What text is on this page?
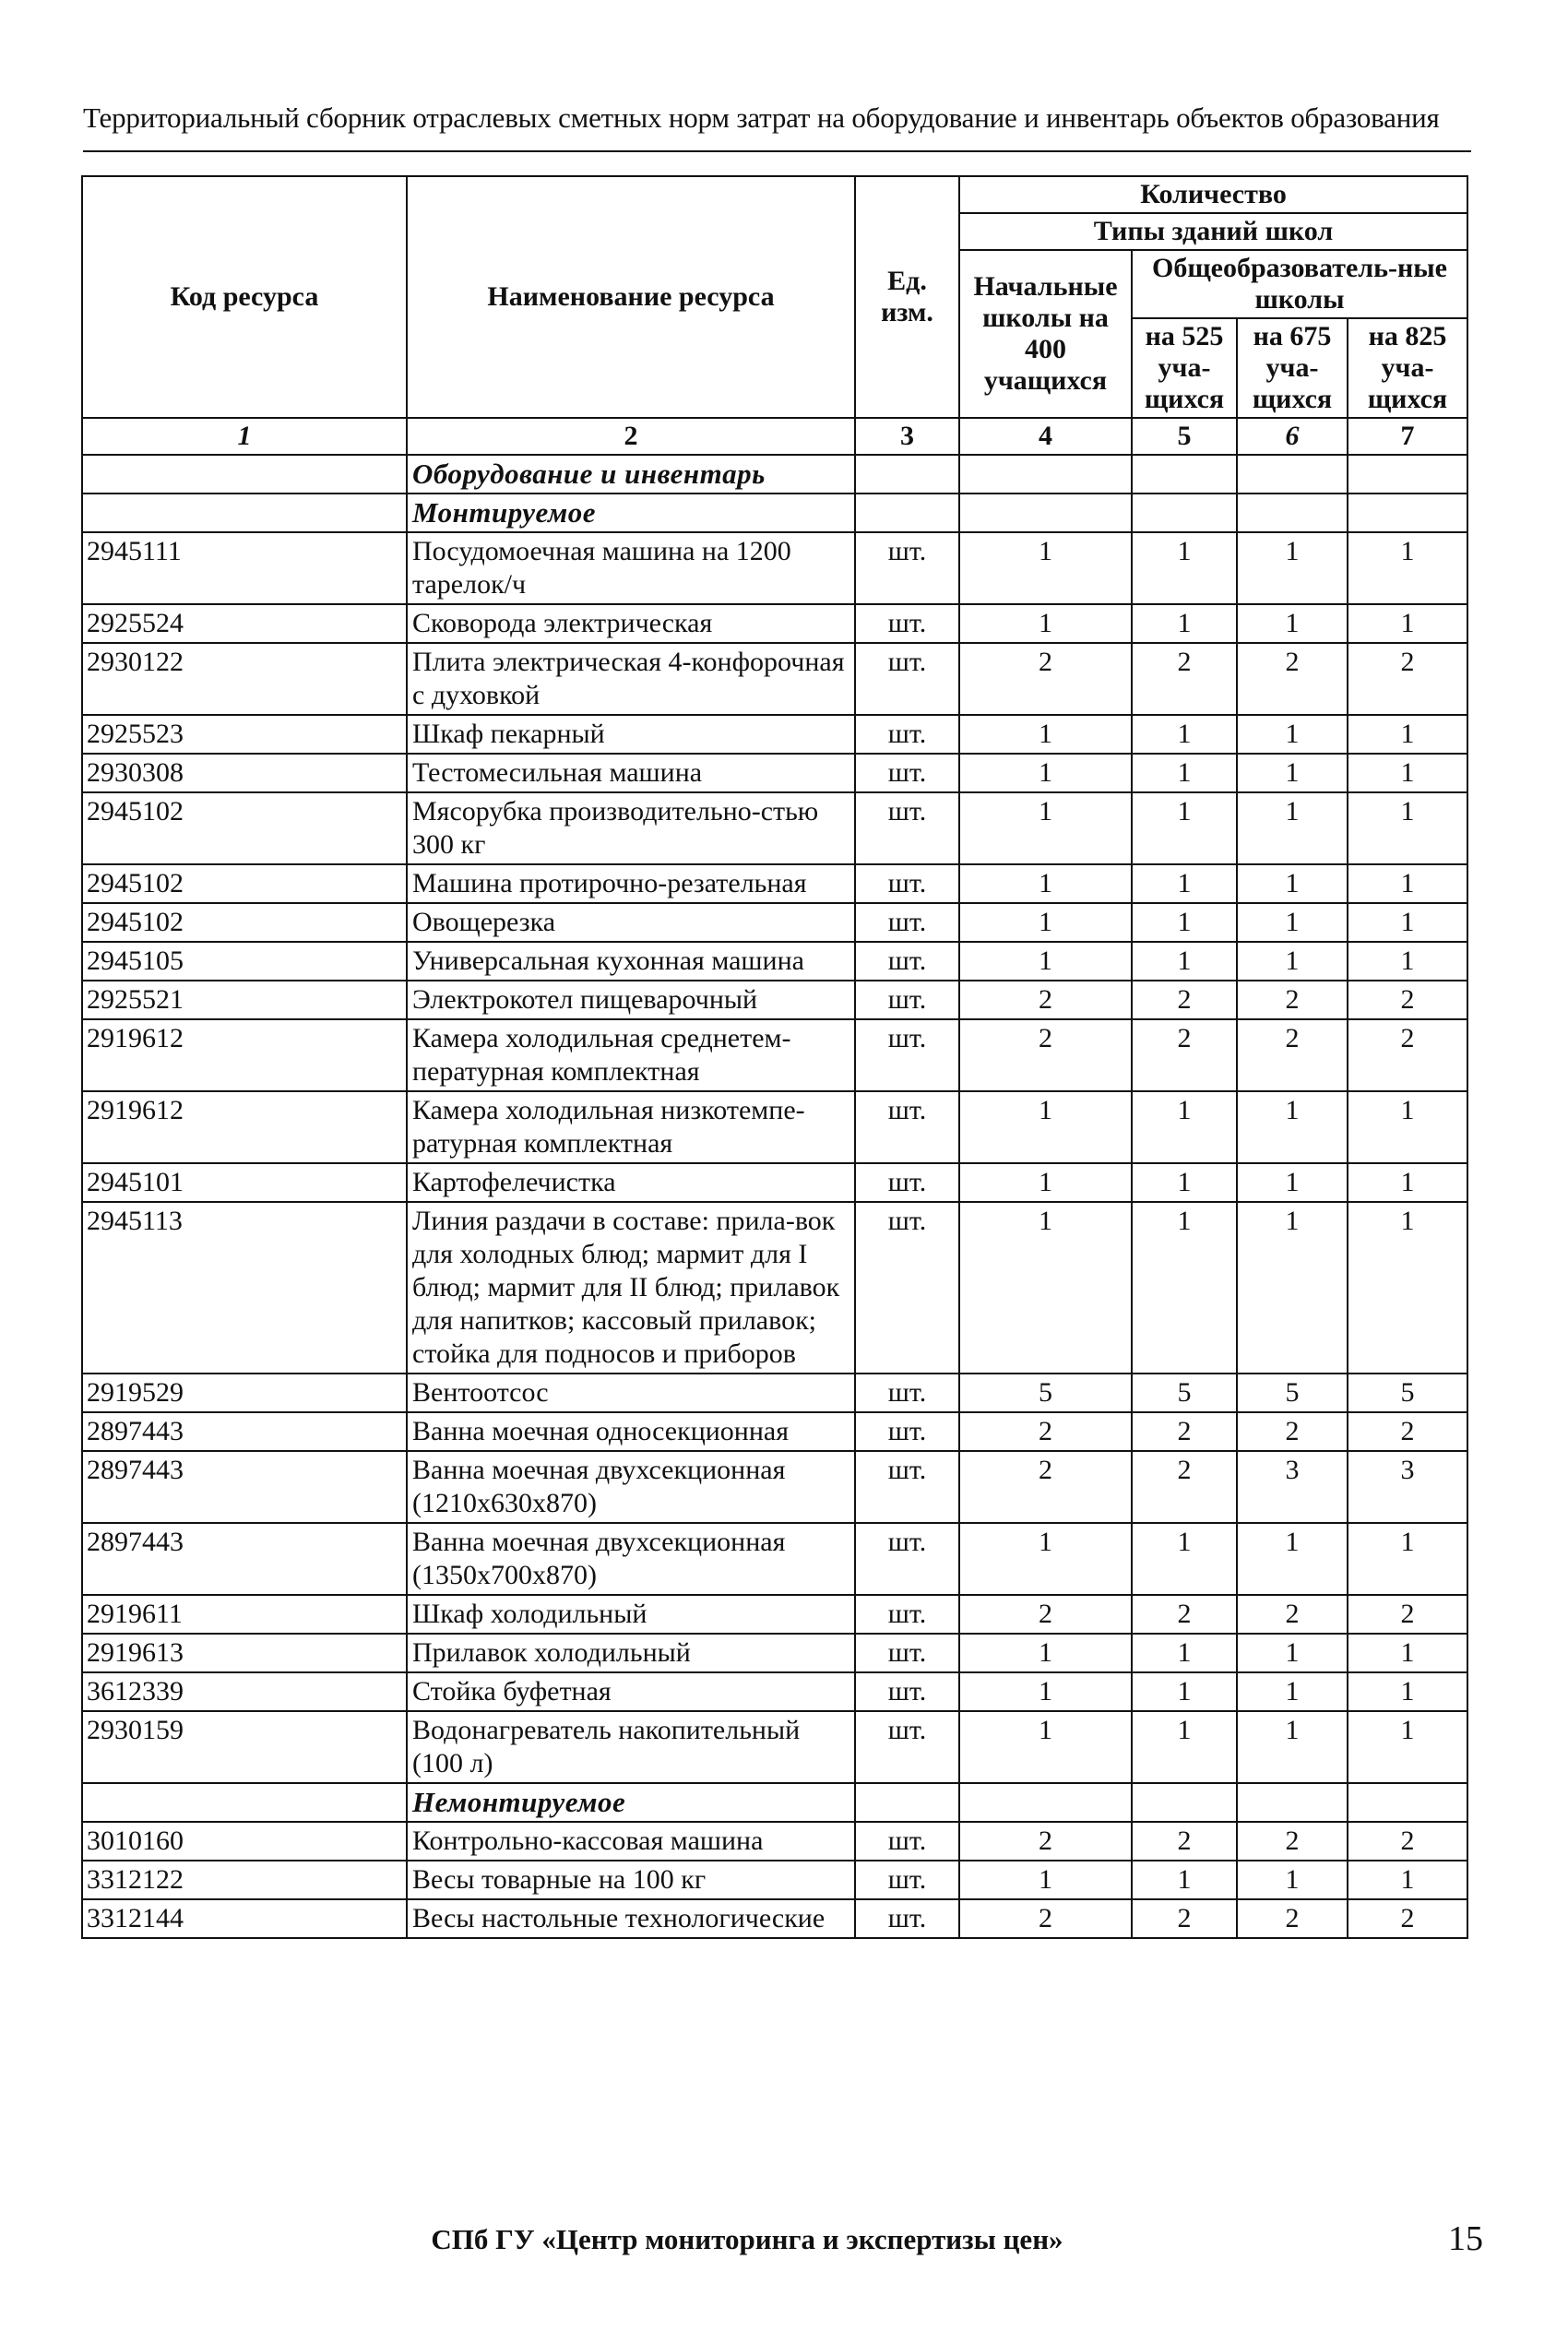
Территориальный сборник отраслевых сметных норм затрат на оборудование и инвентарь объектов образования
Код ресурса	Наименование ресурса	Ед. изм.	Количество			
			Типы зданий школ			
			Начальные школы на 400 учащихся	Общеобразователь-ные школы		
				на 525 уча-щихся	на 675 уча-щихся	на 825 уча-щихся
1	2	3	4	5	6	7
	Оборудование и инвентарь					
	Монтируемое					
2945111	Посудомоечная машина на 1200 тарелок/ч	шт.	1	1	1	1
2925524	Сковорода электрическая	шт.	1	1	1	1
2930122	Плита электрическая 4-конфорочная с духовкой	шт.	2	2	2	2
2925523	Шкаф пекарный	шт.	1	1	1	1
2930308	Тестомесильная машина	шт.	1	1	1	1
2945102	Мясорубка производительно-стью 300 кг	шт.	1	1	1	1
2945102	Машина протирочно-резательная	шт.	1	1	1	1
2945102	Овощерезка	шт.	1	1	1	1
2945105	Универсальная кухонная машина	шт.	1	1	1	1
2925521	Электрокотел пищеварочный	шт.	2	2	2	2
2919612	Камера холодильная среднетем-пературная комплектная	шт.	2	2	2	2
2919612	Камера холодильная низкотемпе-ратурная комплектная	шт.	1	1	1	1
2945101	Картофелечистка	шт.	1	1	1	1
2945113	Линия раздачи в составе: прила-вок для холодных блюд; мармит для I блюд; мармит для II блюд; прилавок для напитков; кассовый прилавок; стойка для подносов и приборов	шт.	1	1	1	1
2919529	Вентоотсос	шт.	5	5	5	5
2897443	Ванна моечная односекционная	шт.	2	2	2	2
2897443	Ванна моечная двухсекционная (1210x630x870)	шт.	2	2	3	3
2897443	Ванна моечная двухсекционная (1350x700x870)	шт.	1	1	1	1
2919611	Шкаф холодильный	шт.	2	2	2	2
2919613	Прилавок холодильный	шт.	1	1	1	1
3612339	Стойка буфетная	шт.	1	1	1	1
2930159	Водонагреватель накопительный (100 л)	шт.	1	1	1	1
	Немонтируемое					
3010160	Контрольно-кассовая машина	шт.	2	2	2	2
3312122	Весы товарные на 100 кг	шт.	1	1	1	1
3312144	Весы настольные технологические	шт.	2	2	2	2
СПб ГУ «Центр мониторинга и экспертизы цен»	15
